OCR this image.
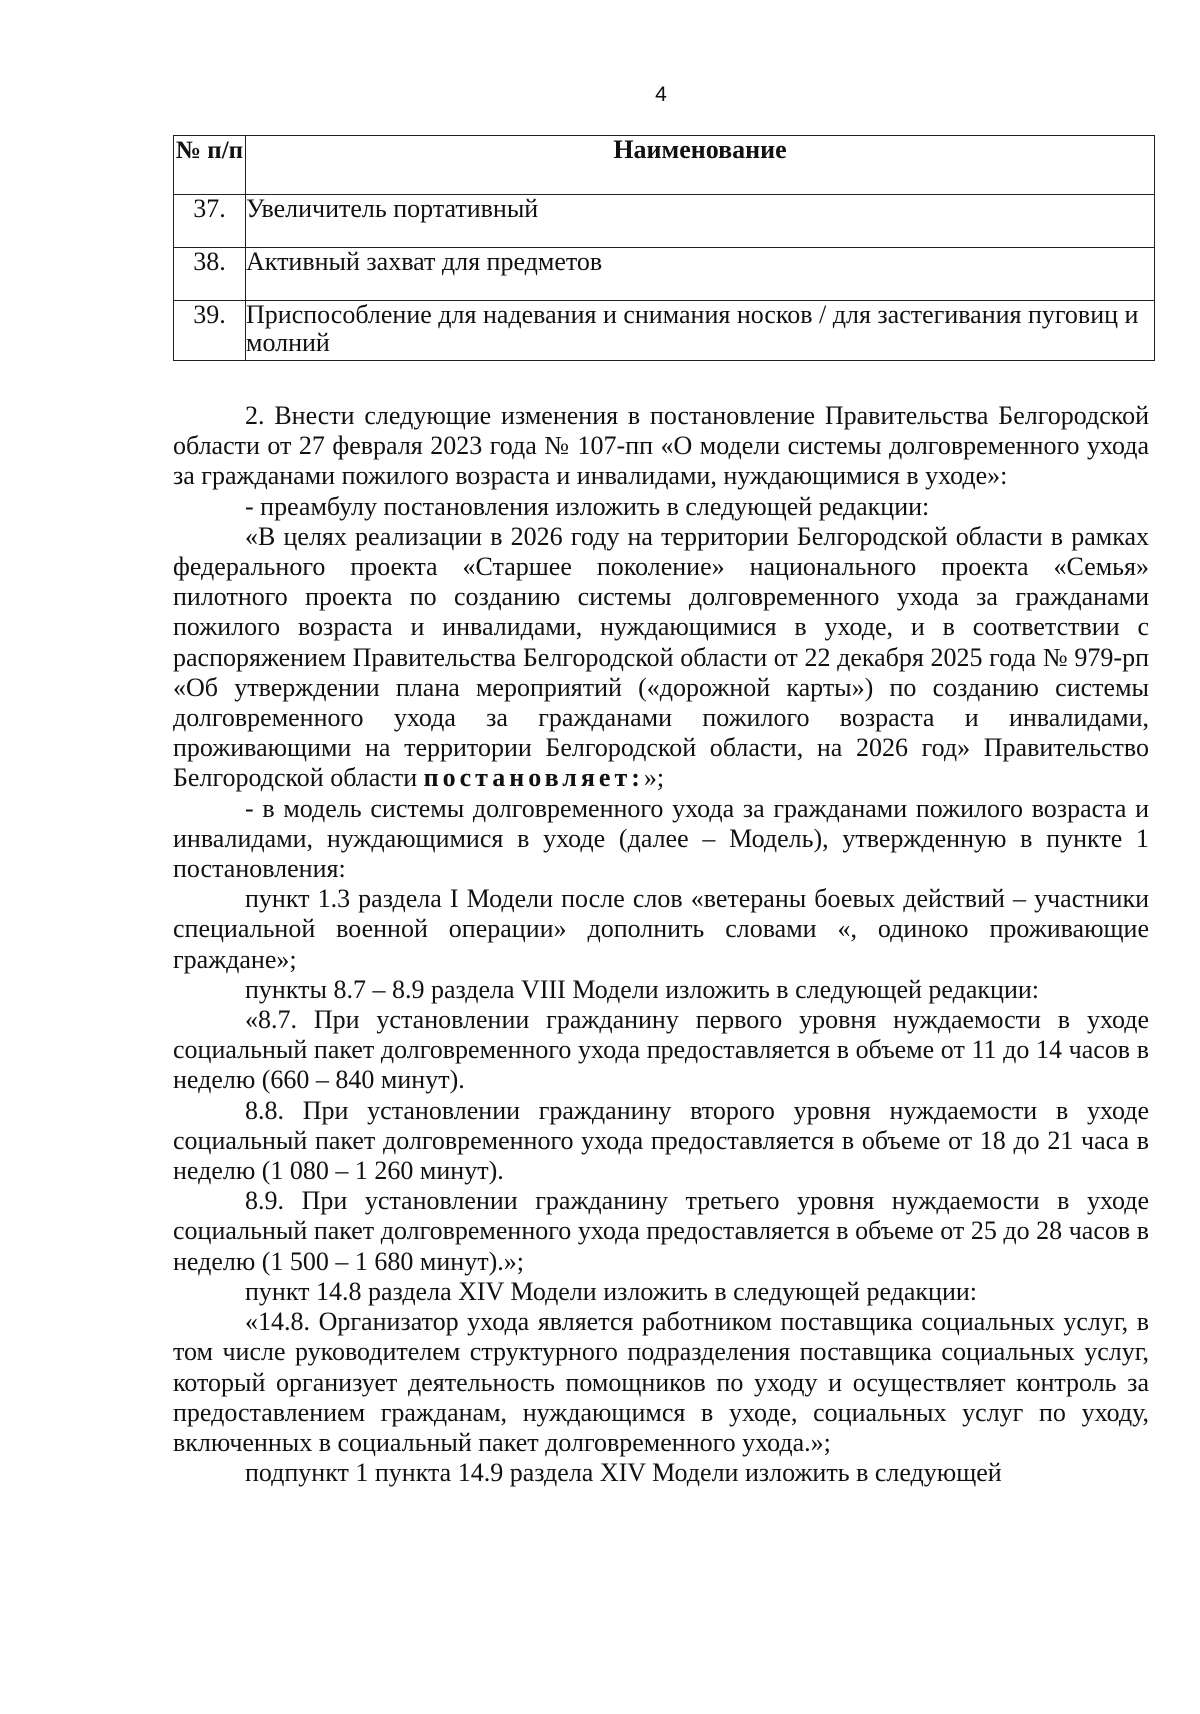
4
№ п/п	Наименование
37.	Увеличитель портативный
38.	Активный захват для предметов
39.	Приспособление для надевания и снимания носков / для застегивания пуговиц и молний

2. Внести следующие изменения в постановление Правительства Белгородской области от 27 февраля 2023 года № 107-пп «О модели системы долговременного ухода за гражданами пожилого возраста и инвалидами, нуждающимися в уходе»:

- преамбулу постановления изложить в следующей редакции:

«В целях реализации в 2026 году на территории Белгородской области в рамках федерального проекта «Старшее поколение» национального проекта «Семья» пилотного проекта по созданию системы долговременного ухода за гражданами пожилого возраста и инвалидами, нуждающимися в уходе, и в соответствии с распоряжением Правительства Белгородской области от 22 декабря 2025 года № 979-рп «Об утверждении плана мероприятий («дорожной карты») по созданию системы долговременного ухода за гражданами пожилого возраста и инвалидами, проживающими на территории Белгородской области, на 2026 год» Правительство Белгородской области постановляет:»;

- в модель системы долговременного ухода за гражданами пожилого возраста и инвалидами, нуждающимися в уходе (далее – Модель), утвержденную в пункте 1 постановления:

пункт 1.3 раздела I Модели после слов «ветераны боевых действий – участники специальной военной операции» дополнить словами «, одиноко проживающие граждане»;

пункты 8.7 – 8.9 раздела VIII Модели изложить в следующей редакции:

«8.7. При установлении гражданину первого уровня нуждаемости в уходе социальный пакет долговременного ухода предоставляется в объеме от 11 до 14 часов в неделю (660 – 840 минут).

8.8. При установлении гражданину второго уровня нуждаемости в уходе социальный пакет долговременного ухода предоставляется в объеме от 18 до 21 часа в неделю (1 080 – 1 260 минут).

8.9. При установлении гражданину третьего уровня нуждаемости в уходе социальный пакет долговременного ухода предоставляется в объеме от 25 до 28 часов в неделю (1 500 – 1 680 минут).»;

пункт 14.8 раздела XIV Модели изложить в следующей редакции:

«14.8. Организатор ухода является работником поставщика социальных услуг, в том числе руководителем структурного подразделения поставщика социальных услуг, который организует деятельность помощников по уходу и осуществляет контроль за предоставлением гражданам, нуждающимся в уходе, социальных услуг по уходу, включенных в социальный пакет долговременного ухода.»;

подпункт 1 пункта 14.9 раздела XIV Модели изложить в следующей
